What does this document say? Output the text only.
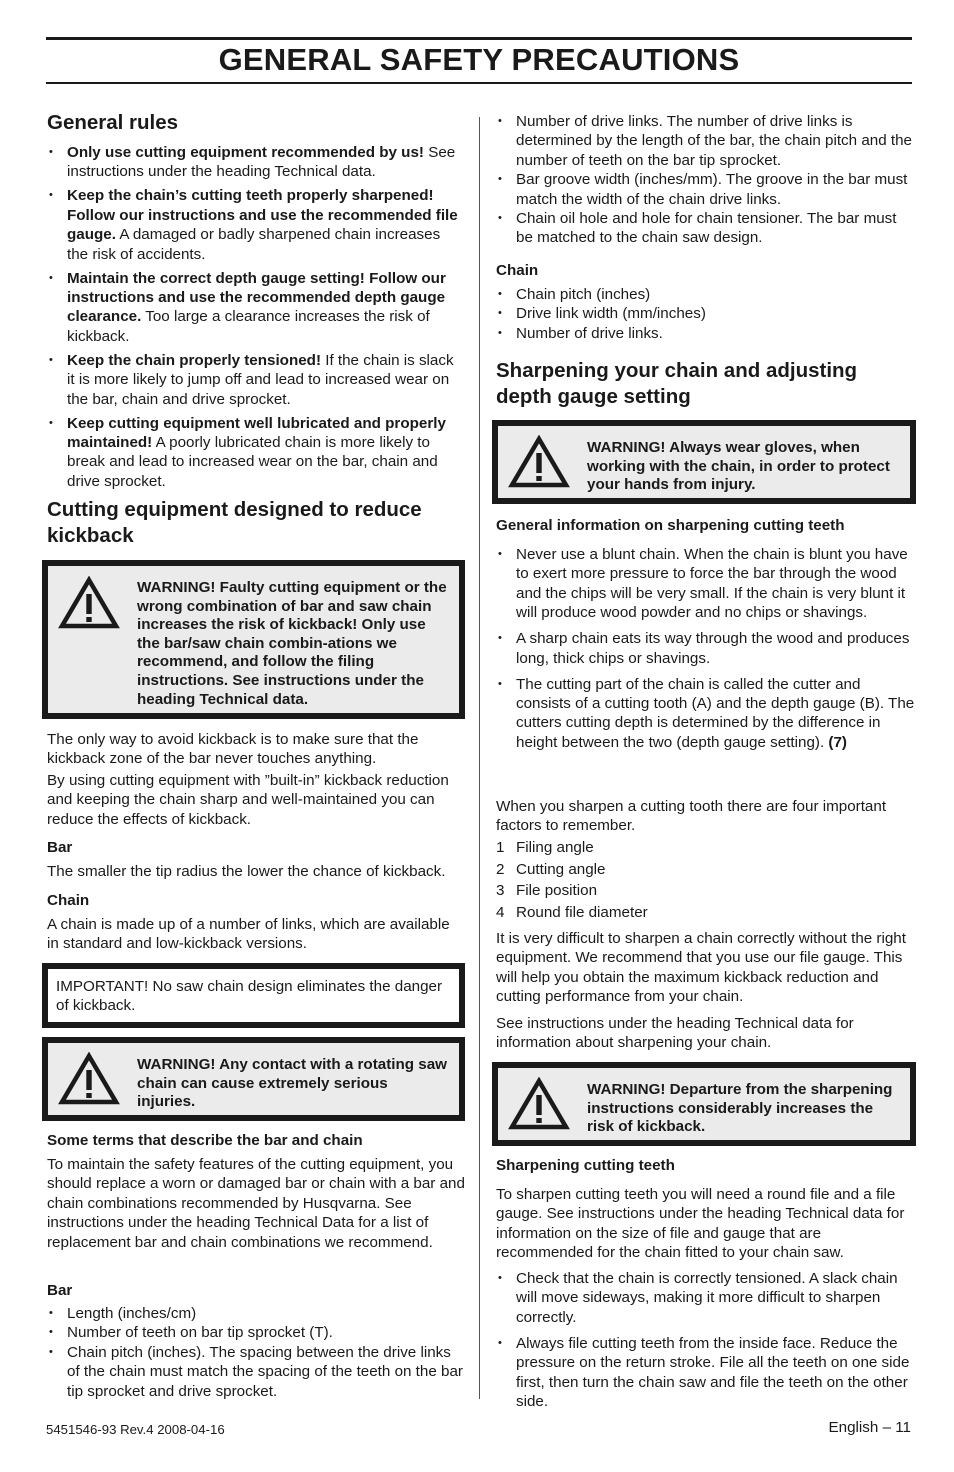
GENERAL SAFETY PRECAUTIONS
General rules
• Only use cutting equipment recommended by us! See instructions under the heading Technical data.
• Keep the chain’s cutting teeth properly sharpened! Follow our instructions and use the recommended file gauge. A damaged or badly sharpened chain increases the risk of accidents.
• Maintain the correct depth gauge setting! Follow our instructions and use the recommended depth gauge clearance. Too large a clearance increases the risk of kickback.
• Keep the chain properly tensioned! If the chain is slack it is more likely to jump off and lead to increased wear on the bar, chain and drive sprocket.
• Keep cutting equipment well lubricated and properly maintained! A poorly lubricated chain is more likely to break and lead to increased wear on the bar, chain and drive sprocket.
Cutting equipment designed to reduce kickback
WARNING! Faulty cutting equipment or the wrong combination of bar and saw chain increases the risk of kickback! Only use the bar/saw chain combin-ations we recommend, and follow the filing instructions. See instructions under the heading Technical data.

The only way to avoid kickback is to make sure that the kickback zone of the bar never touches anything.

By using cutting equipment with ”built-in” kickback reduction and keeping the chain sharp and well-maintained you can reduce the effects of kickback.

Bar

The smaller the tip radius the lower the chance of kickback.

Chain

A chain is made up of a number of links, which are available in standard and low-kickback versions.

IMPORTANT! No saw chain design eliminates the danger of kickback.
WARNING! Any contact with a rotating saw chain can cause extremely serious injuries.
Some terms that describe the bar and chain

To maintain the safety features of the cutting equipment, you should replace a worn or damaged bar or chain with a bar and chain combinations recommended by Husqvarna. See instructions under the heading Technical Data for a list of replacement bar and chain combinations we recommend.

Bar
• Length (inches/cm)
• Number of teeth on bar tip sprocket (T).
• Chain pitch (inches). The spacing between the drive links of the chain must match the spacing of the teeth on the bar tip sprocket and drive sprocket.
• Number of drive links. The number of drive links is determined by the length of the bar, the chain pitch and the number of teeth on the bar tip sprocket.
• Bar groove width (inches/mm). The groove in the bar must match the width of the chain drive links.
• Chain oil hole and hole for chain tensioner. The bar must be matched to the chain saw design.
Chain
• Chain pitch (inches)
• Drive link width (mm/inches)
• Number of drive links.
Sharpening your chain and adjusting depth gauge setting
WARNING! Always wear gloves, when working with the chain, in order to protect your hands from injury.
General information on sharpening cutting teeth
• Never use a blunt chain. When the chain is blunt you have to exert more pressure to force the bar through the wood and the chips will be very small. If the chain is very blunt it will produce wood powder and no chips or shavings.
• A sharp chain eats its way through the wood and produces long, thick chips or shavings.
• The cutting part of the chain is called the cutter and consists of a cutting tooth (A) and the depth gauge (B). The cutters cutting depth is determined by the difference in height between the two (depth gauge setting). (7)

When you sharpen a cutting tooth there are four important factors to remember.

1 Filing angle
2 Cutting angle
3 File position
4 Round file diameter

It is very difficult to sharpen a chain correctly without the right equipment. We recommend that you use our file gauge. This will help you obtain the maximum kickback reduction and cutting performance from your chain.

See instructions under the heading Technical data for information about sharpening your chain.

WARNING! Departure from the sharpening instructions considerably increases the risk of kickback.
Sharpening cutting teeth

To sharpen cutting teeth you will need a round file and a file gauge. See instructions under the heading Technical data for information on the size of file and gauge that are recommended for the chain fitted to your chain saw.

• Check that the chain is correctly tensioned. A slack chain will move sideways, making it more difficult to sharpen correctly.
• Always file cutting teeth from the inside face. Reduce the pressure on the return stroke. File all the teeth on one side first, then turn the chain saw and file the teeth on the other side.
5451546-93 Rev.4 2008-04-16	English – 11
